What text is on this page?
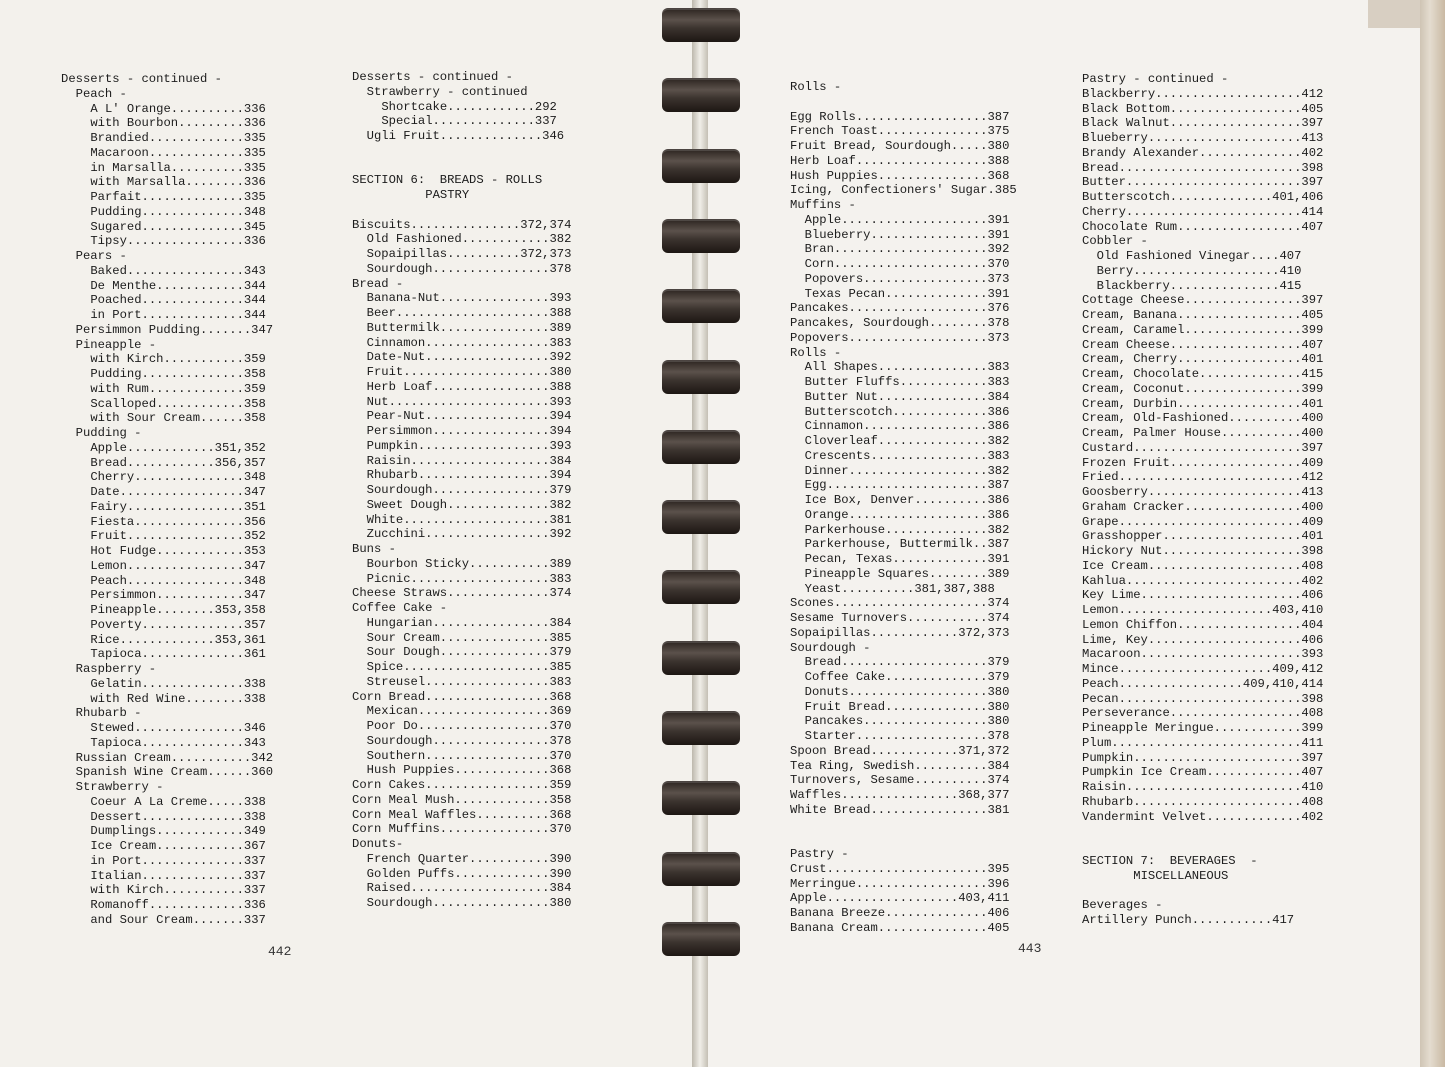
Desserts - continued -
Peach -
A L' Orange..........336
with Bourbon.........336
Brandied.............335
Macaroon.............335
in Marsalla..........335
with Marsalla........336
Parfait..............335
Pudding..............348
Sugared..............345
Tipsy................336
Pears -
Baked................343
De Menthe............344
Poached..............344
in Port..............344
Persimmon Pudding.......347
Pineapple -
with Kirch...........359
Pudding..............358
with Rum.............359
Scalloped............358
with Sour Cream......358
Pudding -
Apple............351,352
Bread............356,357
Cherry...............348
Date.................347
Fairy................351
Fiesta...............356
Fruit................352
Hot Fudge............353
Lemon................347
Peach................348
Persimmon............347
Pineapple........353,358
Poverty..............357
Rice.............353,361
Tapioca..............361
Raspberry -
Gelatin..............338
with Red Wine........338
Rhubarb -
Stewed...............346
Tapioca..............343
Russian Cream...........342
Spanish Wine Cream......360
Strawberry -
Coeur A La Creme.....338
Dessert..............338
Dumplings............349
Ice Cream............367
in Port..............337
Italian..............337
with Kirch...........337
Romanoff.............336
and Sour Cream.......337
Desserts - continued -
Strawberry - continued
Shortcake............292
Special..............337
Ugli Fruit..............346
SECTION 6:  BREADS - ROLLS
PASTRY
Biscuits...............372,374
Old Fashioned............382
Sopaipillas..........372,373
Sourdough................378
Bread -
Banana-Nut...............393
Beer.....................388
Buttermilk...............389
Cinnamon.................383
Date-Nut.................392
Fruit....................380
Herb Loaf................388
Nut......................393
Pear-Nut.................394
Persimmon................394
Pumpkin..................393
Raisin...................384
Rhubarb..................394
Sourdough................379
Sweet Dough..............382
White....................381
Zucchini.................392
Buns -
Bourbon Sticky...........389
Picnic...................383
Cheese Straws..............374
Coffee Cake -
Hungarian................384
Sour Cream...............385
Sour Dough...............379
Spice....................385
Streusel.................383
Corn Bread.................368
Mexican..................369
Poor Do..................370
Sourdough................378
Southern.................370
Hush Puppies.............368
Corn Cakes.................359
Corn Meal Mush.............358
Corn Meal Waffles..........368
Corn Muffins...............370
Donuts-
French Quarter...........390
Golden Puffs.............390
Raised...................384
Sourdough................380
442
Rolls -
Egg Rolls..................387
French Toast...............375
Fruit Bread, Sourdough.....380
Herb Loaf..................388
Hush Puppies...............368
Icing, Confectioners' Sugar.385
Muffins -
Apple....................391
Blueberry................391
Bran.....................392
Corn.....................370
Popovers.................373
Texas Pecan..............391
Pancakes...................376
Pancakes, Sourdough........378
Popovers...................373
Rolls -
All Shapes...............383
Butter Fluffs............383
Butter Nut...............384
Butterscotch.............386
Cinnamon.................386
Cloverleaf...............382
Crescents................383
Dinner...................382
Egg......................387
Ice Box, Denver..........386
Orange...................386
Parkerhouse..............382
Parkerhouse, Buttermilk..387
Pecan, Texas.............391
Pineapple Squares........389
Yeast..........381,387,388
Scones.....................374
Sesame Turnovers...........374
Sopaipillas............372,373
Sourdough -
Bread....................379
Coffee Cake..............379
Donuts...................380
Fruit Bread..............380
Pancakes.................380
Starter..................378
Spoon Bread............371,372
Tea Ring, Swedish..........384
Turnovers, Sesame..........374
Waffles................368,377
White Bread................381
Pastry -
Crust......................395
Merringue..................396
Apple..................403,411
Banana Breeze..............406
Banana Cream...............405
Pastry - continued -
Blackberry....................412
Black Bottom..................405
Black Walnut..................397
Blueberry.....................413
Brandy Alexander..............402
Bread.........................398
Butter........................397
Butterscotch..............401,406
Cherry........................414
Chocolate Rum.................407
Cobbler -
Old Fashioned Vinegar....407
Berry....................410
Blackberry...............415
Cottage Cheese................397
Cream, Banana.................405
Cream, Caramel................399
Cream Cheese..................407
Cream, Cherry.................401
Cream, Chocolate..............415
Cream, Coconut................399
Cream, Durbin.................401
Cream, Old-Fashioned..........400
Cream, Palmer House...........400
Custard.......................397
Frozen Fruit..................409
Fried.........................412
Goosberry.....................413
Graham Cracker................400
Grape.........................409
Grasshopper...................401
Hickory Nut...................398
Ice Cream.....................408
Kahlua........................402
Key Lime......................406
Lemon.....................403,410
Lemon Chiffon.................404
Lime, Key.....................406
Macaroon......................393
Mince.....................409,412
Peach.................409,410,414
Pecan.........................398
Perseverance..................408
Pineapple Meringue............399
Plum..........................411
Pumpkin.......................397
Pumpkin Ice Cream.............407
Raisin........................410
Rhubarb.......................408
Vandermint Velvet.............402
SECTION 7:  BEVERAGES  -
MISCELLANEOUS
Beverages -
Artillery Punch...........417
443
